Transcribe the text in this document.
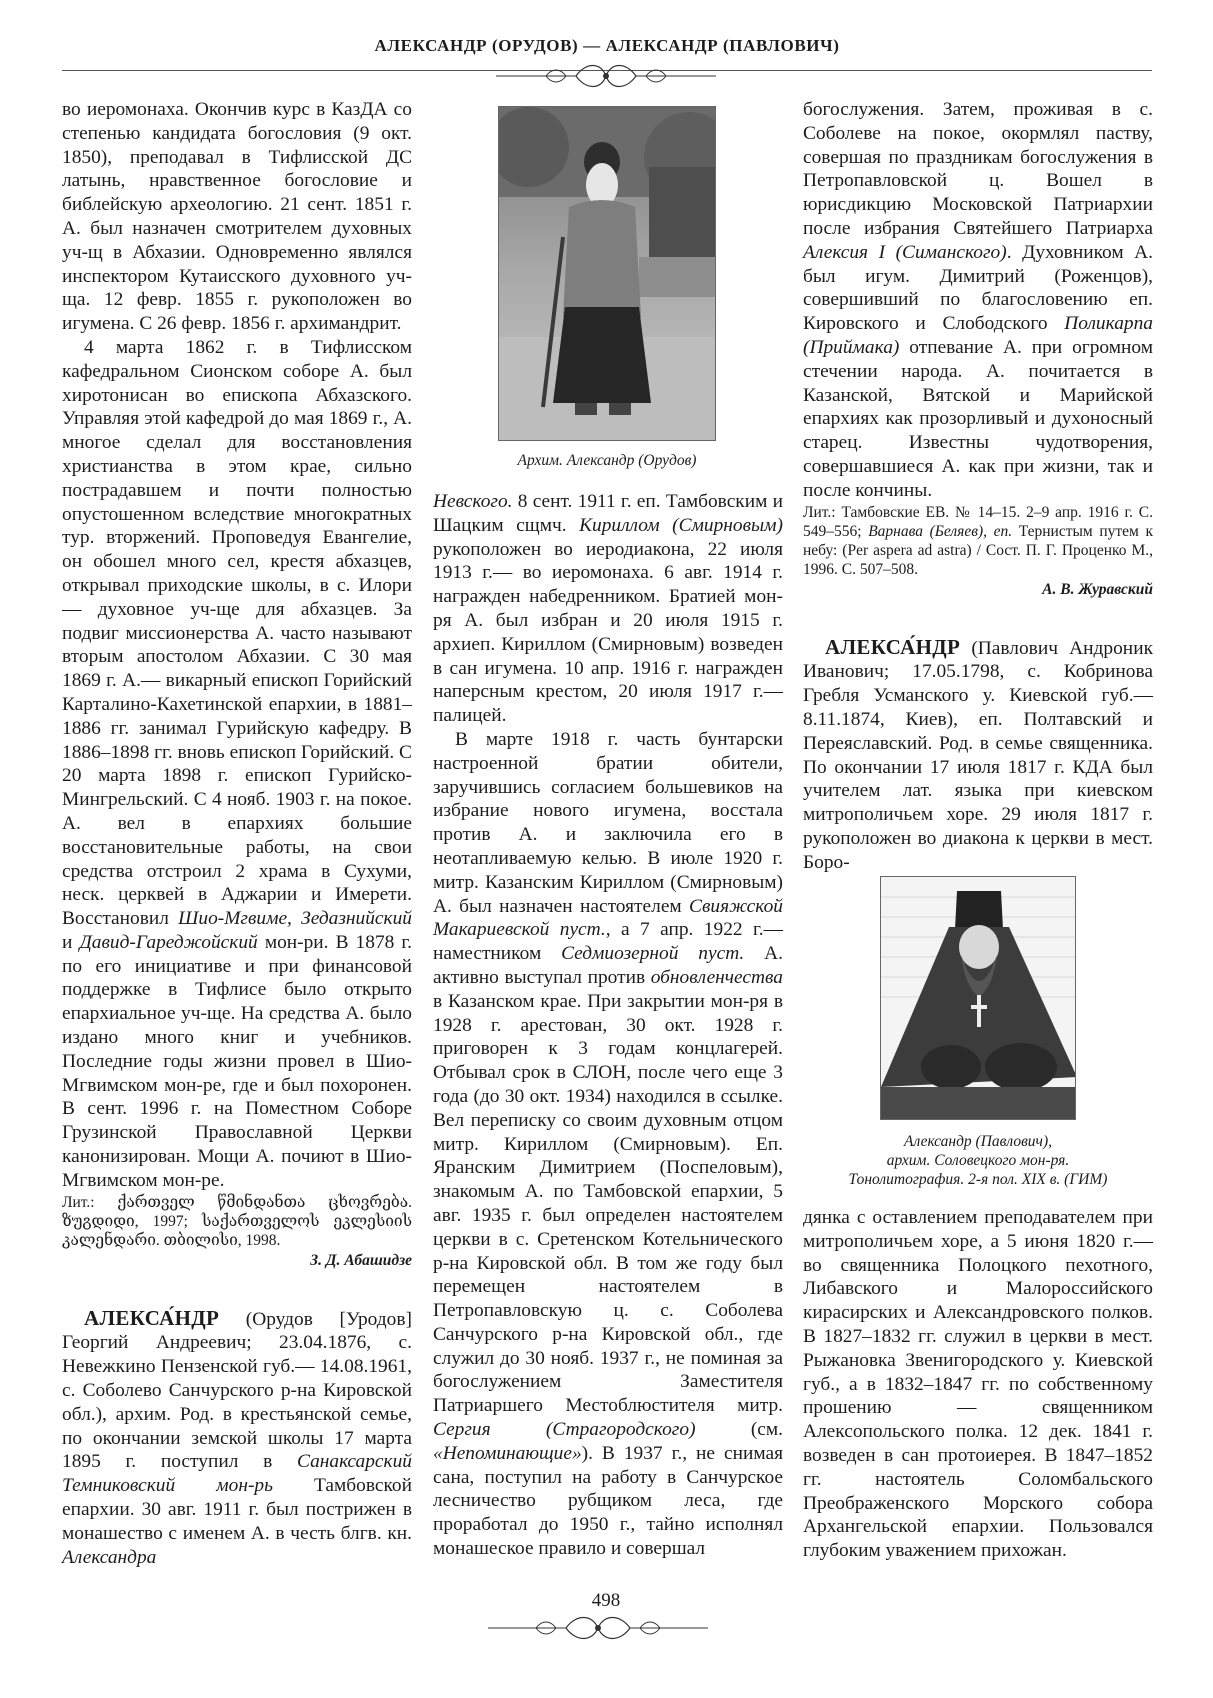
АЛЕКСАНДР (ОРУДОВ) — АЛЕКСАНДР (ПАВЛОВИЧ)

во иеромонаха. Окончив курс в КазДА со степенью кандидата богословия (9 окт. 1850), преподавал в Тифлисской ДС латынь, нравственное богословие и библейскую археологию. 21 сент. 1851 г. А. был назначен смотрителем духовных уч-щ в Абхазии. Одновременно являлся инспектором Кутаисского духовного уч-ща. 12 февр. 1855 г. рукоположен во игумена. С 26 февр. 1856 г. архимандрит.

4 марта 1862 г. в Тифлисском кафедральном Сионском соборе А. был хиротонисан во епископа Абхазского. Управляя этой кафедрой до мая 1869 г., А. многое сделал для восстановления христианства в этом крае, сильно пострадавшем и почти полностью опустошенном вследствие многократных тур. вторжений. Проповедуя Евангелие, он обошел много сел, крестя абхазцев, открывал приходские школы, в с. Илори — духовное уч-ще для абхазцев. За подвиг миссионерства А. часто называют вторым апостолом Абхазии. С 30 мая 1869 г. А.— викарный епископ Горийский Карталино-Кахетинской епархии, в 1881–1886 гг. занимал Гурийскую кафедру. В 1886–1898 гг. вновь епископ Горийский. С 20 марта 1898 г. епископ Гурийско-Мингрельский. С 4 нояб. 1903 г. на покое. А. вел в епархиях большие восстановительные работы, на свои средства отстроил 2 храма в Сухуми, неск. церквей в Аджарии и Имерети. Восстановил Шио-Мгвиме, Зедазнийский и Давид-Гареджойский мон-ри. В 1878 г. по его инициативе и при финансовой поддержке в Тифлисе было открыто епархиальное уч-ще. На средства А. было издано много книг и учебников. Последние годы жизни провел в Шио-Мгвимском мон-ре, где и был похоронен. В сент. 1996 г. на Поместном Соборе Грузинской Православной Церкви канонизирован. Мощи А. почиют в Шио-Мгвимском мон-ре.

Лит.: ქართველ წმინდანთა ცხოვრება. ზუგდიდი, 1997; საქართველოს ეკლესიის კალენდარი. თბილისი, 1998.

З. Д. Абашидзе

АЛЕКСА́НДР (Орудов [Уродов] Георгий Андреевич; 23.04.1876, с. Невежкино Пензенской губ.— 14.08.1961, с. Соболево Санчурского р-на Кировской обл.), архим. Род. в крестьянской семье, по окончании земской школы 17 марта 1895 г. поступил в Санаксарский Темниковский мон-рь Тамбовской епархии. 30 авг. 1911 г. был пострижен в монашество с именем А. в честь блгв. кн. Александра

Архим. Александр (Орудов)

Невского. 8 сент. 1911 г. еп. Тамбовским и Шацким сщмч. Кириллом (Смирновым) рукоположен во иеродиакона, 22 июля 1913 г.— во иеромонаха. 6 авг. 1914 г. награжден набедренником. Братией мон-ря А. был избран и 20 июля 1915 г. архиеп. Кириллом (Смирновым) возведен в сан игумена. 10 апр. 1916 г. награжден наперсным крестом, 20 июля 1917 г.— палицей.

В марте 1918 г. часть бунтарски настроенной братии обители, заручившись согласием большевиков на избрание нового игумена, восстала против А. и заключила его в неотапливаемую келью. В июле 1920 г. митр. Казанским Кириллом (Смирновым) А. был назначен настоятелем Свияжской Макариевской пуст., а 7 апр. 1922 г.— наместником Седмиозерной пуст. А. активно выступал против обновленчества в Казанском крае. При закрытии мон-ря в 1928 г. арестован, 30 окт. 1928 г. приговорен к 3 годам концлагерей. Отбывал срок в СЛОН, после чего еще 3 года (до 30 окт. 1934) находился в ссылке. Вел переписку со своим духовным отцом митр. Кириллом (Смирновым). Еп. Яранским Димитрием (Поспеловым), знакомым А. по Тамбовской епархии, 5 авг. 1935 г. был определен настоятелем церкви в с. Сретенском Котельнического р-на Кировской обл. В том же году был перемещен настоятелем в Петропавловскую ц. с. Соболева Санчурского р-на Кировской обл., где служил до 30 нояб. 1937 г., не поминая за богослужением Заместителя Патриаршего Местоблюстителя митр. Сергия (Страгородского)	(см. «Непоминающие»). В 1937 г., не снимая сана, поступил на работу в Санчурское лесничество рубщиком леса, где проработал до 1950 г., тайно исполнял монашеское правило и совершал

богослужения. Затем, проживая в с. Соболеве на покое, окормлял паству, совершая по праздникам богослужения в Петропавловской ц. Вошел в юрисдикцию Московской Патриархии после избрания Святейшего Патриарха Алексия I (Симанского). Духовником А. был игум. Димитрий (Роженцов), совершивший по благословению еп. Кировского и Слободского Поликарпа (Приймака) отпевание А. при огромном стечении народа. А. почитается в Казанской, Вятской и Марийской епархиях как прозорливый и духоносный старец. Известны чудотворения, совершавшиеся А. как при жизни, так и после кончины.

Лит.: Тамбовские ЕВ. № 14–15. 2–9 апр. 1916 г. С. 549–556; Варнава (Беляев), еп. Тернистым путем к небу: (Per aspera ad astra) / Сост. П. Г. Проценко М., 1996. С. 507–508.

А. В. Журавский

АЛЕКСА́НДР (Павлович Андроник Иванович; 17.05.1798, с. Кобринова Гребля Усманского у. Киевской губ.— 8.11.1874, Киев), еп. Полтавский и Переяславский. Род. в семье священника. По окончании 17 июля 1817 г. КДА был учителем лат. языка при киевском митрополичьем хоре. 29 июля 1817 г. рукоположен во диакона к церкви в мест. Боро-

Александр (Павлович),
архим. Соловецкого мон-ря.
Тонолитография. 2-я пол. XIX в. (ГИМ)

дянка с оставлением преподавателем при митрополичьем хоре, а 5 июня 1820 г.— во священника Полоцкого пехотного, Либавского и Малороссийского кирасирских и Александровского полков. В 1827–1832 гг. служил в церкви в мест. Рыжановка Звенигородского у. Киевской губ., а в 1832–1847 гг. по собственному прошению — священником Алексопольского полка. 12 дек. 1841 г. возведен в сан протоиерея. В 1847–1852 гг. настоятель Соломбальского Преображенского Морского собора Архангельской епархии. Пользовался глубоким уважением прихожан.

498
